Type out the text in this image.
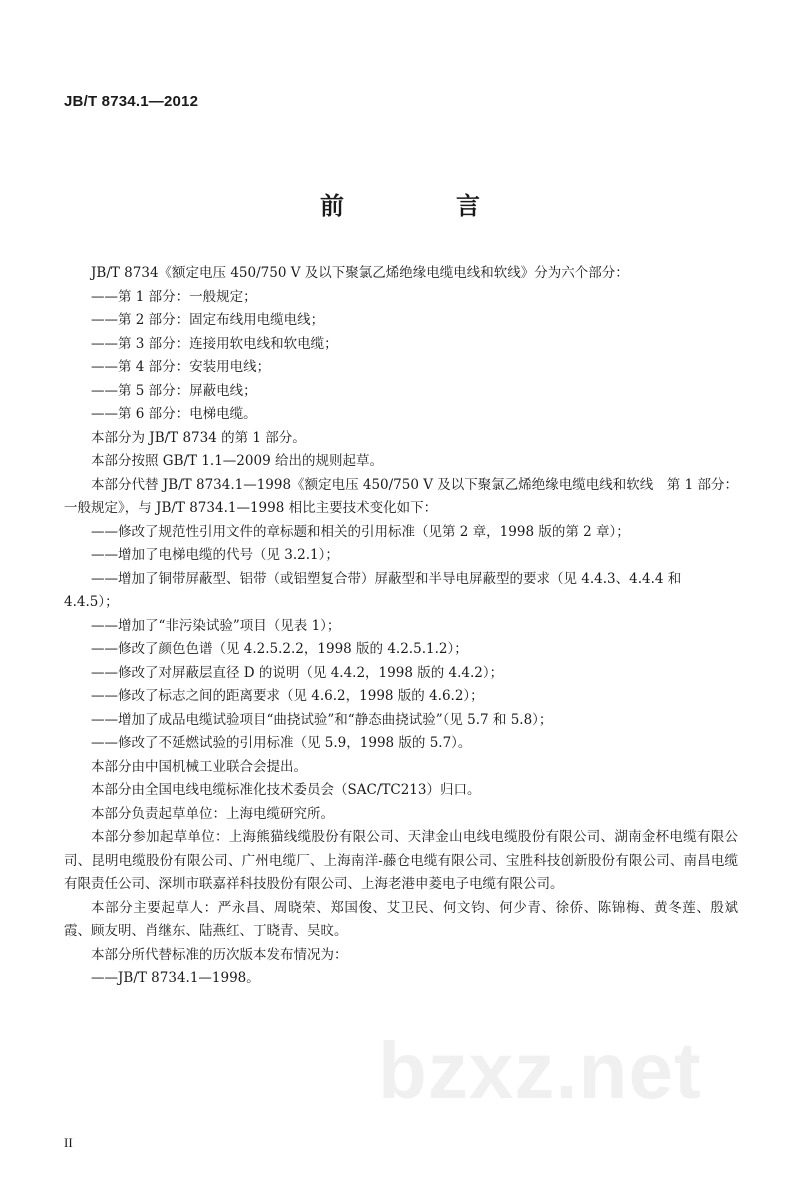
JB/T 8734.1—2012
前　言

JB/T 8734《额定电压 450/750 V 及以下聚氯乙烯绝缘电缆电线和软线》分为六个部分：

——第 1 部分：一般规定；

——第 2 部分：固定布线用电缆电线；

——第 3 部分：连接用软电线和软电缆；

——第 4 部分：安装用电线；

——第 5 部分：屏蔽电线；

——第 6 部分：电梯电缆。

本部分为 JB/T 8734 的第 1 部分。

本部分按照 GB/T 1.1—2009 给出的规则起草。

本部分代替 JB/T 8734.1—1998《额定电压 450/750 V 及以下聚氯乙烯绝缘电缆电线和软线　第 1 部分：一般规定》，与 JB/T 8734.1—1998 相比主要技术变化如下：

——修改了规范性引用文件的章标题和相关的引用标准（见第 2 章，1998 版的第 2 章）；

——增加了电梯电缆的代号（见 3.2.1）；

——增加了铜带屏蔽型、铝带（或铝塑复合带）屏蔽型和半导电屏蔽型的要求（见 4.4.3、4.4.4 和 4.4.5）；

——增加了“非污染试验”项目（见表 1）；

——修改了颜色色谱（见 4.2.5.2.2，1998 版的 4.2.5.1.2）；

——修改了对屏蔽层直径 D 的说明（见 4.4.2，1998 版的 4.4.2）；

——修改了标志之间的距离要求（见 4.6.2，1998 版的 4.6.2）；

——增加了成品电缆试验项目“曲挠试验”和“静态曲挠试验”（见 5.7 和 5.8）；

——修改了不延燃试验的引用标准（见 5.9，1998 版的 5.7）。

本部分由中国机械工业联合会提出。

本部分由全国电线电缆标准化技术委员会（SAC/TC213）归口。

本部分负责起草单位：上海电缆研究所。

本部分参加起草单位：上海熊猫线缆股份有限公司、天津金山电线电缆股份有限公司、湖南金杯电缆有限公司、昆明电缆股份有限公司、广州电缆厂、上海南洋-藤仓电缆有限公司、宝胜科技创新股份有限公司、南昌电缆有限责任公司、深圳市联嘉祥科技股份有限公司、上海老港申菱电子电缆有限公司。

本部分主要起草人：严永昌、周晓荣、郑国俊、艾卫民、何文钧、何少青、徐侨、陈锦梅、黄冬莲、殷斌霞、顾友明、肖继东、陆燕红、丁晓青、吴旼。

本部分所代替标准的历次版本发布情况为：

——JB/T 8734.1—1998。

bzxz.net
II
